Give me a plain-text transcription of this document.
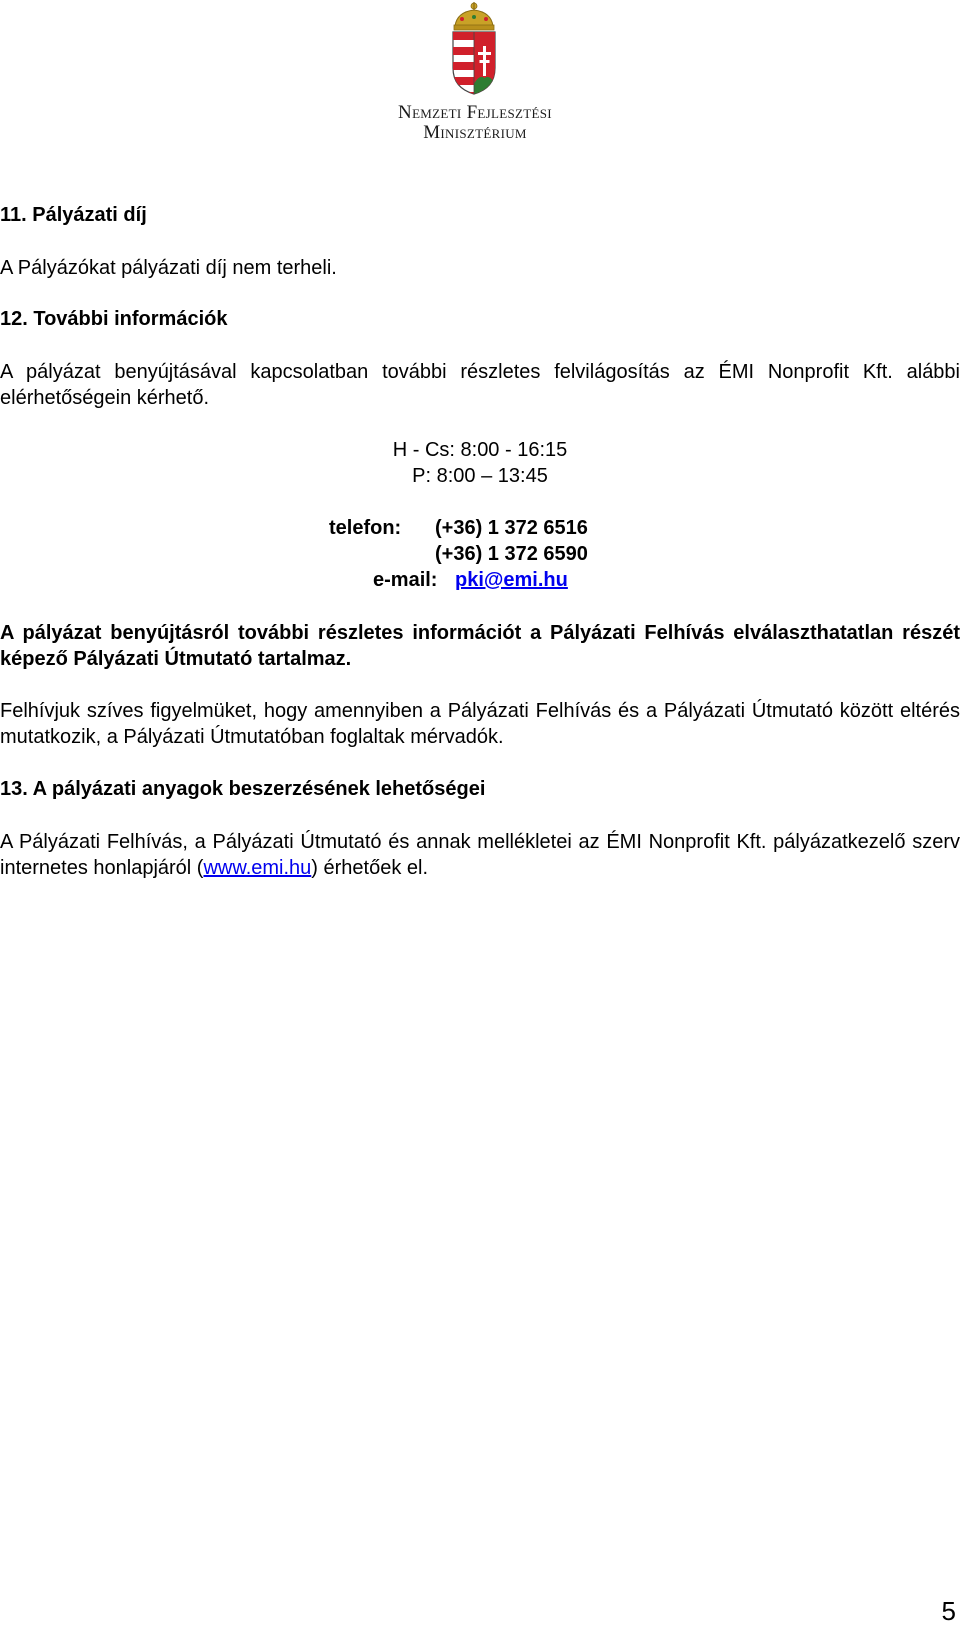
Nemzeti Fejlesztési
Minisztérium
11. Pályázati díj
A Pályázókat pályázati díj nem terheli.
12. További információk
A pályázat benyújtásával kapcsolatban további részletes felvilágosítás az ÉMI Nonprofit Kft. alábbi elérhetőségein kérhető.
H - Cs: 8:00 - 16:15
P: 8:00 – 13:45
telefon: (+36) 1 372 6516
(+36) 1 372 6590
e-mail: pki@emi.hu
A pályázat benyújtásról további részletes információt a Pályázati Felhívás elválaszthatatlan részét képező Pályázati Útmutató tartalmaz.
Felhívjuk szíves figyelmüket, hogy amennyiben a Pályázati Felhívás és a Pályázati Útmutató között eltérés mutatkozik, a Pályázati Útmutatóban foglaltak mérvadók.
13. A pályázati anyagok beszerzésének lehetőségei
A Pályázati Felhívás, a Pályázati Útmutató és annak mellékletei az ÉMI Nonprofit Kft. pályázatkezelő szerv internetes honlapjáról (www.emi.hu) érhetőek el.
5
